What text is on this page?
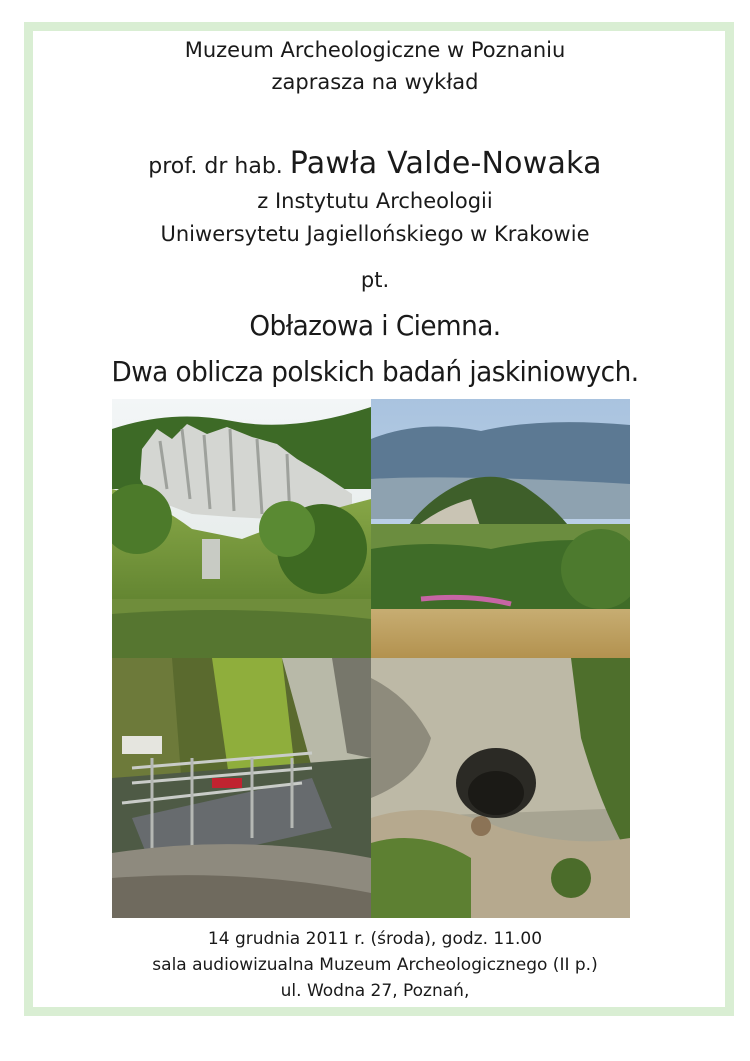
Muzeum Archeologiczne w Poznaniu
zaprasza na wykład
prof. dr hab. Pawła Valde-Nowaka
z Instytutu Archeologii
Uniwersytetu Jagiellońskiego w Krakowie
pt.
Obłazowa i Ciemna.
Dwa oblicza polskich badań jaskiniowych.
14 grudnia 2011 r. (środa), godz. 11.00
sala audiowizualna Muzeum Archeologicznego (II p.)
ul. Wodna 27, Poznań,
